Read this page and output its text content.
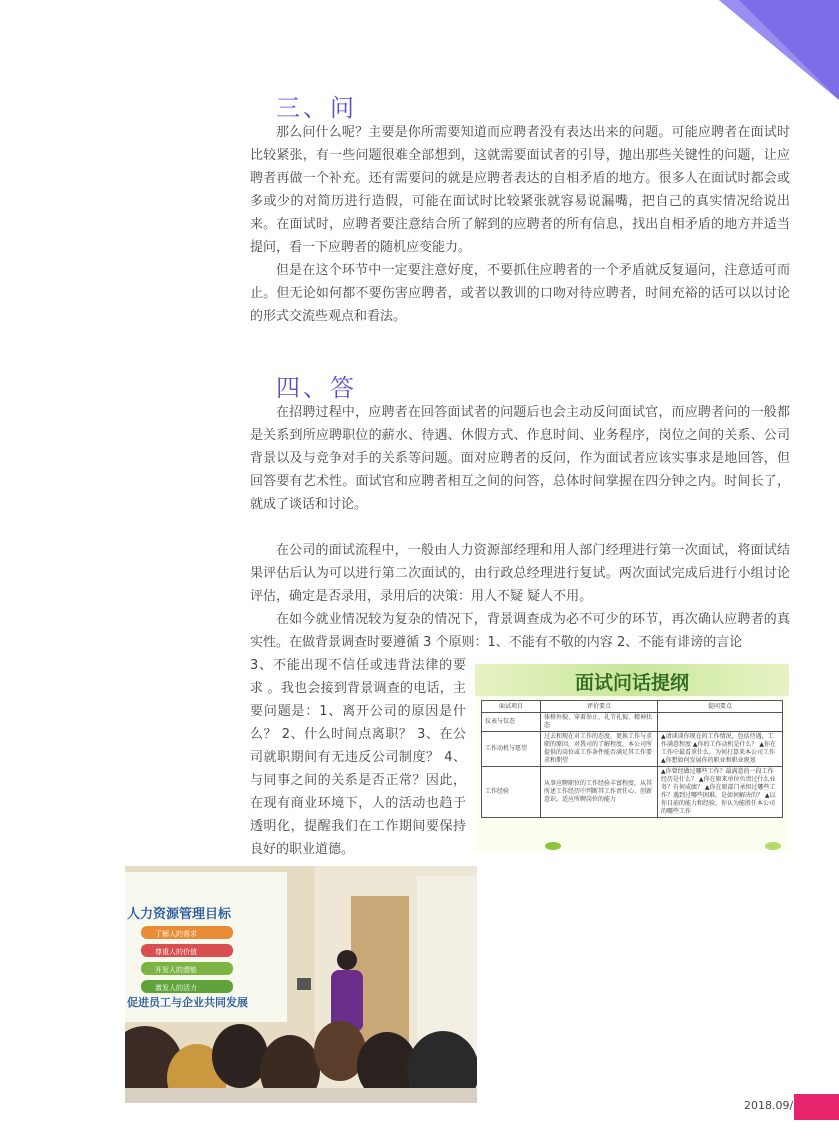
三、问

那么问什么呢？主要是你所需要知道而应聘者没有表达出来的问题。可能应聘者在面试时比较紧张，有一些问题很难全部想到，这就需要面试者的引导，抛出那些关键性的问题，让应聘者再做一个补充。还有需要问的就是应聘者表达的自相矛盾的地方。很多人在面试时都会或多或少的对简历进行造假，可能在面试时比较紧张就容易说漏嘴，把自己的真实情况给说出来。在面试时，应聘者要注意结合所了解到的应聘者的所有信息，找出自相矛盾的地方并适当提问，看一下应聘者的随机应变能力。

但是在这个环节中一定要注意好度，不要抓住应聘者的一个矛盾就反复逼问，注意适可而止。但无论如何都不要伤害应聘者，或者以教训的口吻对待应聘者，时间充裕的话可以以讨论的形式交流些观点和看法。

四、答

在招聘过程中，应聘者在回答面试者的问题后也会主动反问面试官，而应聘者问的一般都是关系到所应聘职位的薪水、待遇、休假方式、作息时间、业务程序，岗位之间的关系、公司背景以及与竞争对手的关系等问题。面对应聘者的反问，作为面试者应该实事求是地回答，但回答要有艺术性。面试官和应聘者相互之间的问答，总体时间掌握在四分钟之内。时间长了，就成了谈话和讨论。

在公司的面试流程中，一般由人力资源部经理和用人部门经理进行第一次面试，将面试结果评估后认为可以进行第二次面试的，由行政总经理进行复试。两次面试完成后进行小组讨论评估，确定是否录用，录用后的决策：用人不疑 疑人不用。

在如今就业情况较为复杂的情况下，背景调查成为必不可少的环节，再次确认应聘者的真实性。在做背景调查时要遵循 3 个原则：1、不能有不敬的内容 2、不能有诽谤的言论

3、不能出现不信任或违背法律的要求 。我也会接到背景调查的电话，主要问题是：1、离开公司的原因是什么？ 2、什么时间点离职？ 3、在公司就职期间有无违反公司制度？ 4、与同事之间的关系是否正常？因此，在现有商业环境下，人的活动也趋于透明化，提醒我们在工作期间要保持良好的职业道德。

面试问话提纲
面试项目	评价要点	提问要点
仪表与仪态	体格外貌、穿着举止、礼节礼貌、精神状态	
工作动机与愿望	过去和现在对工作的态度，更换工作与求职的原因，对我司的了解程度，本公司所提供的岗位或工作条件能否满足其工作要求和期望	▲请谈谈你现在的工作情况，包括待遇、工作满意程度 ▲你的工作动机是什么？ ▲你在工作中最看重什么，为何打算来本公司工作 ▲你想如何发展你的职业和职业规划
工作经验	从事应聘职位的工作经验丰富程度，从其所述工作经历中判断其工作责任心、创新意识、适应所聘岗位的能力	▲你曾经做过哪些工作？最满意的一段工作经历是什么？ ▲你在原来单位负责过什么业务？有何成绩？ ▲你在原部门承担过哪些工作？遇到过哪些困难，是如何解决的？ ▲以你目前的能力和经验，你认为能胜任本公司的哪些工作
人力资源管理目标
了解人的需求
尊重人的价值
开发人的潜能
激发人的活力
促进员工与企业共同发展
2018.09/
